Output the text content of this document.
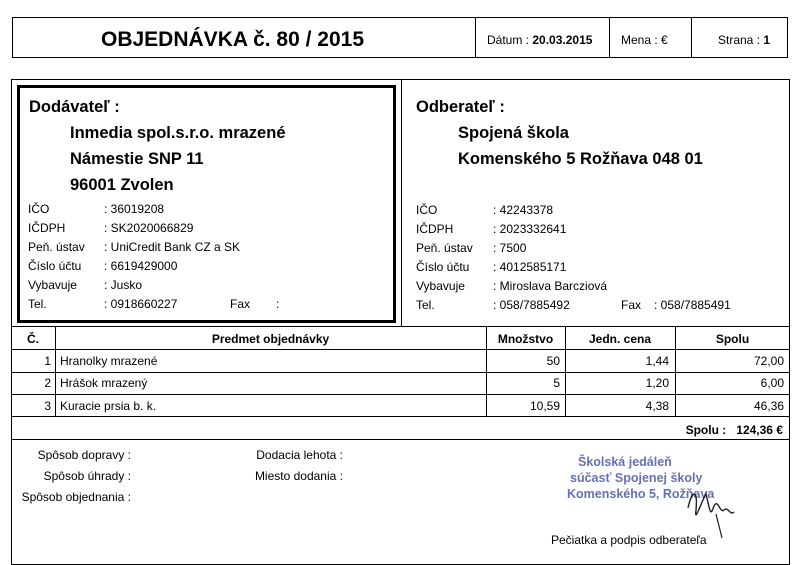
OBJEDNÁVKA č. 80 / 2015	Dátum : 20.03.2015 Mena : €	Strana : 1
Dodávateľ :
Inmedia spol.s.r.o. mrazené
Námestie SNP 11
96001 Zvolen
IČO	: 36019208
IČDPH	: SK2020066829
Peň. ústav : UniCredit Bank CZ a SK
Číslo účtu : 6619429000
Vybavuje : Jusko
Tel.	: 0918660227	Fax :
Odberateľ :
Spojená škola
Komenského 5 Rožňava 048 01
IČO	: 42243378
IČDPH	: 2023332641
Peň. ústav : 7500
Číslo účtu : 4012585171
Vybavuje : Miroslava Barcziová
Tel.	: 058/7885492	Fax : 058/7885491
Č.	Predmet objednávky	Množstvo	Jedn. cena	Spolu
1 Hranolky mrazené	50	1,44	72,00
2 Hrášok mrazený	5	1,20	6,00
3 Kuracie prsia b. k.	10,59	4,38	46,36
Spolu : 124,36 €
Spôsob dopravy :
Spôsob úhrady :
Spôsob objednania :
Dodacia lehota :
Miesto dodania :
Školská jedáleň
súčasť Spojenej školy
Komenského 5, Rožňava
Pečiatka a podpis odberateľa
